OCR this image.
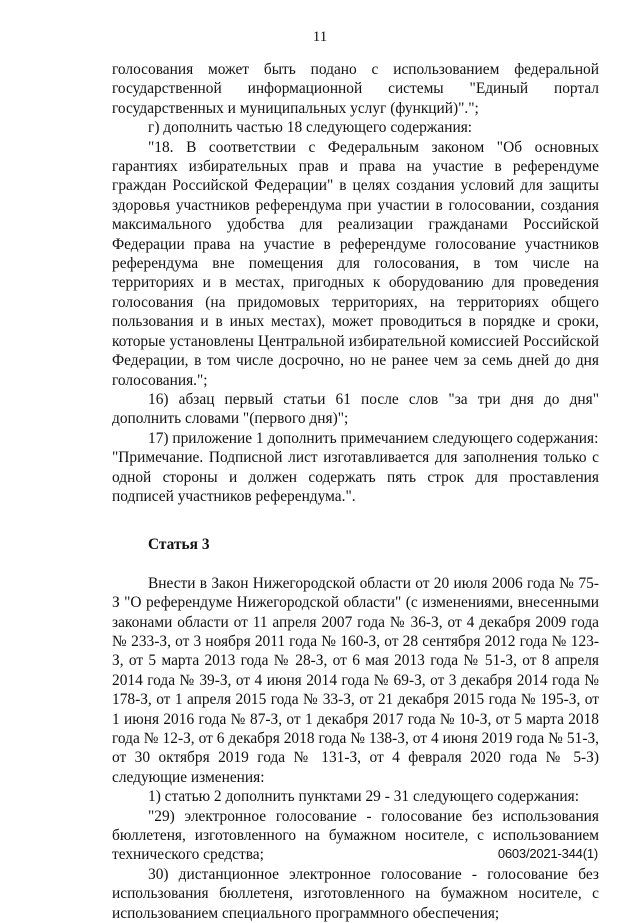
11

голосования может быть подано с использованием федеральной государственной информационной системы "Единый портал государственных и муниципальных услуг (функций)".";

г) дополнить частью 18 следующего содержания:

"18. В соответствии с Федеральным законом "Об основных гарантиях избирательных прав и права на участие в референдуме граждан Российской Федерации" в целях создания условий для защиты здоровья участников референдума при участии в голосовании, создания максимального удобства для реализации гражданами Российской Федерации права на участие в референдуме голосование участников референдума вне помещения для голосования, в том числе на территориях и в местах, пригодных к оборудованию для проведения голосования (на придомовых территориях, на территориях общего пользования и в иных местах), может проводиться в порядке и сроки, которые установлены Центральной избирательной комиссией Российской Федерации, в том числе досрочно, но не ранее чем за семь дней до дня голосования.";

16) абзац первый статьи 61 после слов "за три дня до дня" дополнить словами "(первого дня)";

17) приложение 1 дополнить примечанием следующего содержания:

"Примечание. Подписной лист изготавливается для заполнения только с одной стороны и должен содержать пять строк для проставления подписей участников референдума.".

Статья 3

Внести в Закон Нижегородской области от 20 июля 2006 года № 75-З "О референдуме Нижегородской области" (с изменениями, внесенными законами области от 11 апреля 2007 года № 36-З, от 4 декабря 2009 года № 233-З, от 3 ноября 2011 года № 160-З, от 28 сентября 2012 года № 123-З, от 5 марта 2013 года № 28-З, от 6 мая 2013 года № 51-З, от 8 апреля 2014 года № 39-З, от 4 июня 2014 года № 69-З, от 3 декабря 2014 года № 178-З, от 1 апреля 2015 года № 33-З, от 21 декабря 2015 года № 195-З, от 1 июня 2016 года № 87-З, от 1 декабря 2017 года № 10-З, от 5 марта 2018 года № 12-З, от 6 декабря 2018 года № 138-З, от 4 июня 2019 года № 51-З, от 30 октября 2019 года № 131-З, от 4 февраля 2020 года № 5-З) следующие изменения:

1) статью 2 дополнить пунктами 29 - 31 следующего содержания:

"29) электронное голосование - голосование без использования бюллетеня, изготовленного на бумажном носителе, с использованием технического средства;

30) дистанционное электронное голосование - голосование без использования бюллетеня, изготовленного на бумажном носителе, с использованием специального программного обеспечения;

0603/2021-344(1)
